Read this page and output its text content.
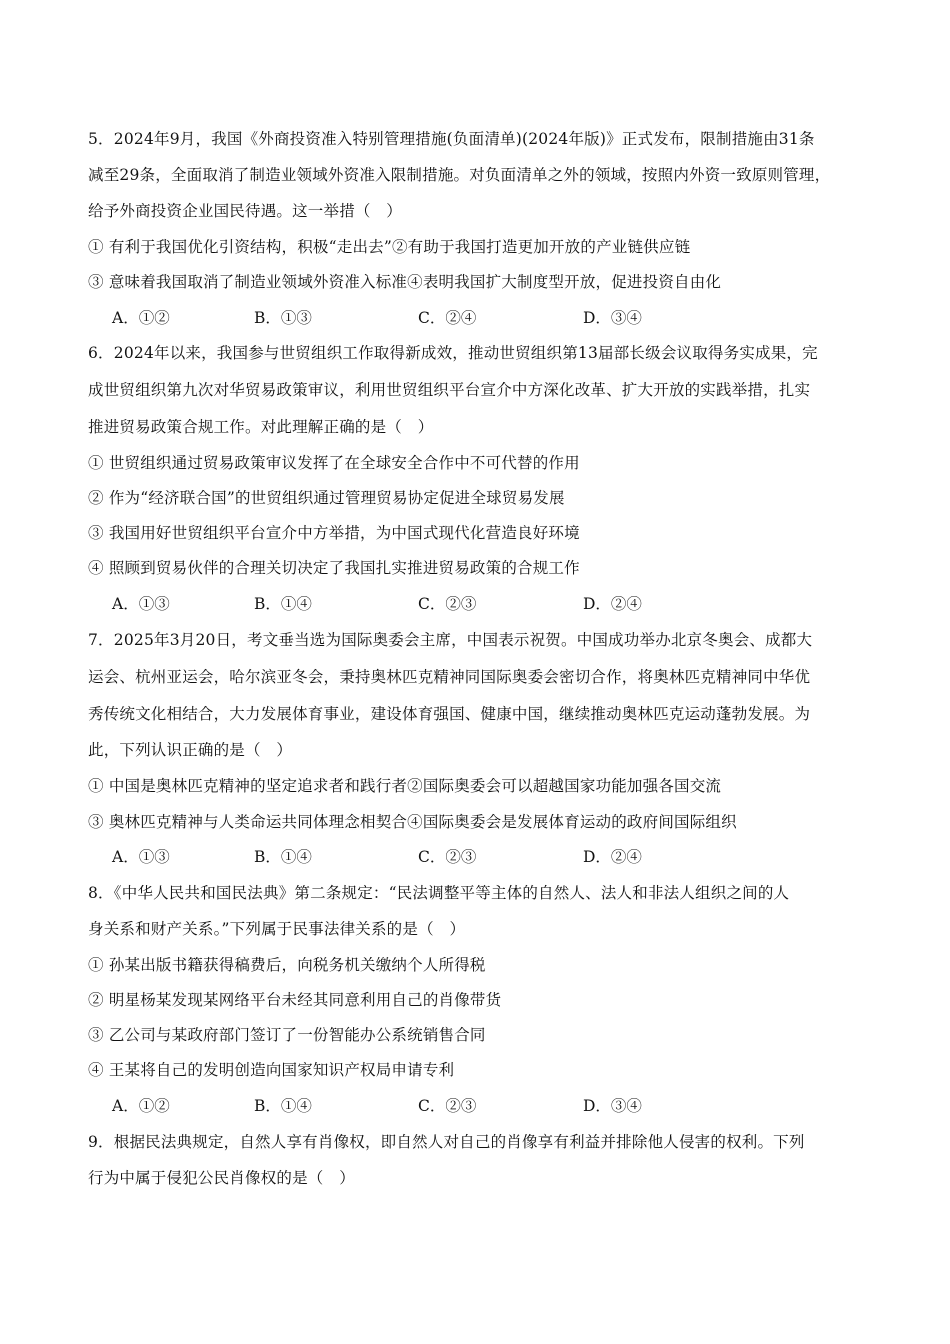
5．2024年9月，我国《外商投资准入特别管理措施(负面清单)(2024年版)》正式发布，限制措施由31条
减至29条，全面取消了制造业领域外资准入限制措施。对负面清单之外的领域，按照内外资一致原则管理，
给予外商投资企业国民待遇。这一举措（　）
① 有利于我国优化引资结构，积极“走出去”②有助于我国打造更加开放的产业链供应链
③ 意味着我国取消了制造业领域外资准入标准④表明我国扩大制度型开放，促进投资自由化
A．①②	B．①③	C．②④	D．③④
6．2024年以来，我国参与世贸组织工作取得新成效，推动世贸组织第13届部长级会议取得务实成果，完
成世贸组织第九次对华贸易政策审议，利用世贸组织平台宣介中方深化改革、扩大开放的实践举措，扎实
推进贸易政策合规工作。对此理解正确的是（　）
① 世贸组织通过贸易政策审议发挥了在全球安全合作中不可代替的作用
② 作为“经济联合国”的世贸组织通过管理贸易协定促进全球贸易发展
③ 我国用好世贸组织平台宣介中方举措，为中国式现代化营造良好环境
④ 照顾到贸易伙伴的合理关切决定了我国扎实推进贸易政策的合规工作
A．①③	B．①④	C．②③	D．②④
7．2025年3月20日，考文垂当选为国际奥委会主席，中国表示祝贺。中国成功举办北京冬奥会、成都大
运会、杭州亚运会，哈尔滨亚冬会，秉持奥林匹克精神同国际奥委会密切合作，将奥林匹克精神同中华优
秀传统文化相结合，大力发展体育事业，建设体育强国、健康中国，继续推动奥林匹克运动蓬勃发展。为
此，下列认识正确的是（　）
① 中国是奥林匹克精神的坚定追求者和践行者②国际奥委会可以超越国家功能加强各国交流
③ 奥林匹克精神与人类命运共同体理念相契合④国际奥委会是发展体育运动的政府间国际组织
A．①③	B．①④	C．②③	D．②④
8．《中华人民共和国民法典》第二条规定：“民法调整平等主体的自然人、法人和非法人组织之间的人
身关系和财产关系。”下列属于民事法律关系的是（　）
① 孙某出版书籍获得稿费后，向税务机关缴纳个人所得税
② 明星杨某发现某网络平台未经其同意利用自己的肖像带货
③ 乙公司与某政府部门签订了一份智能办公系统销售合同
④ 王某将自己的发明创造向国家知识产权局申请专利
A．①②	B．①④	C．②③	D．③④
9．根据民法典规定，自然人享有肖像权，即自然人对自己的肖像享有利益并排除他人侵害的权利。下列
行为中属于侵犯公民肖像权的是（　）
